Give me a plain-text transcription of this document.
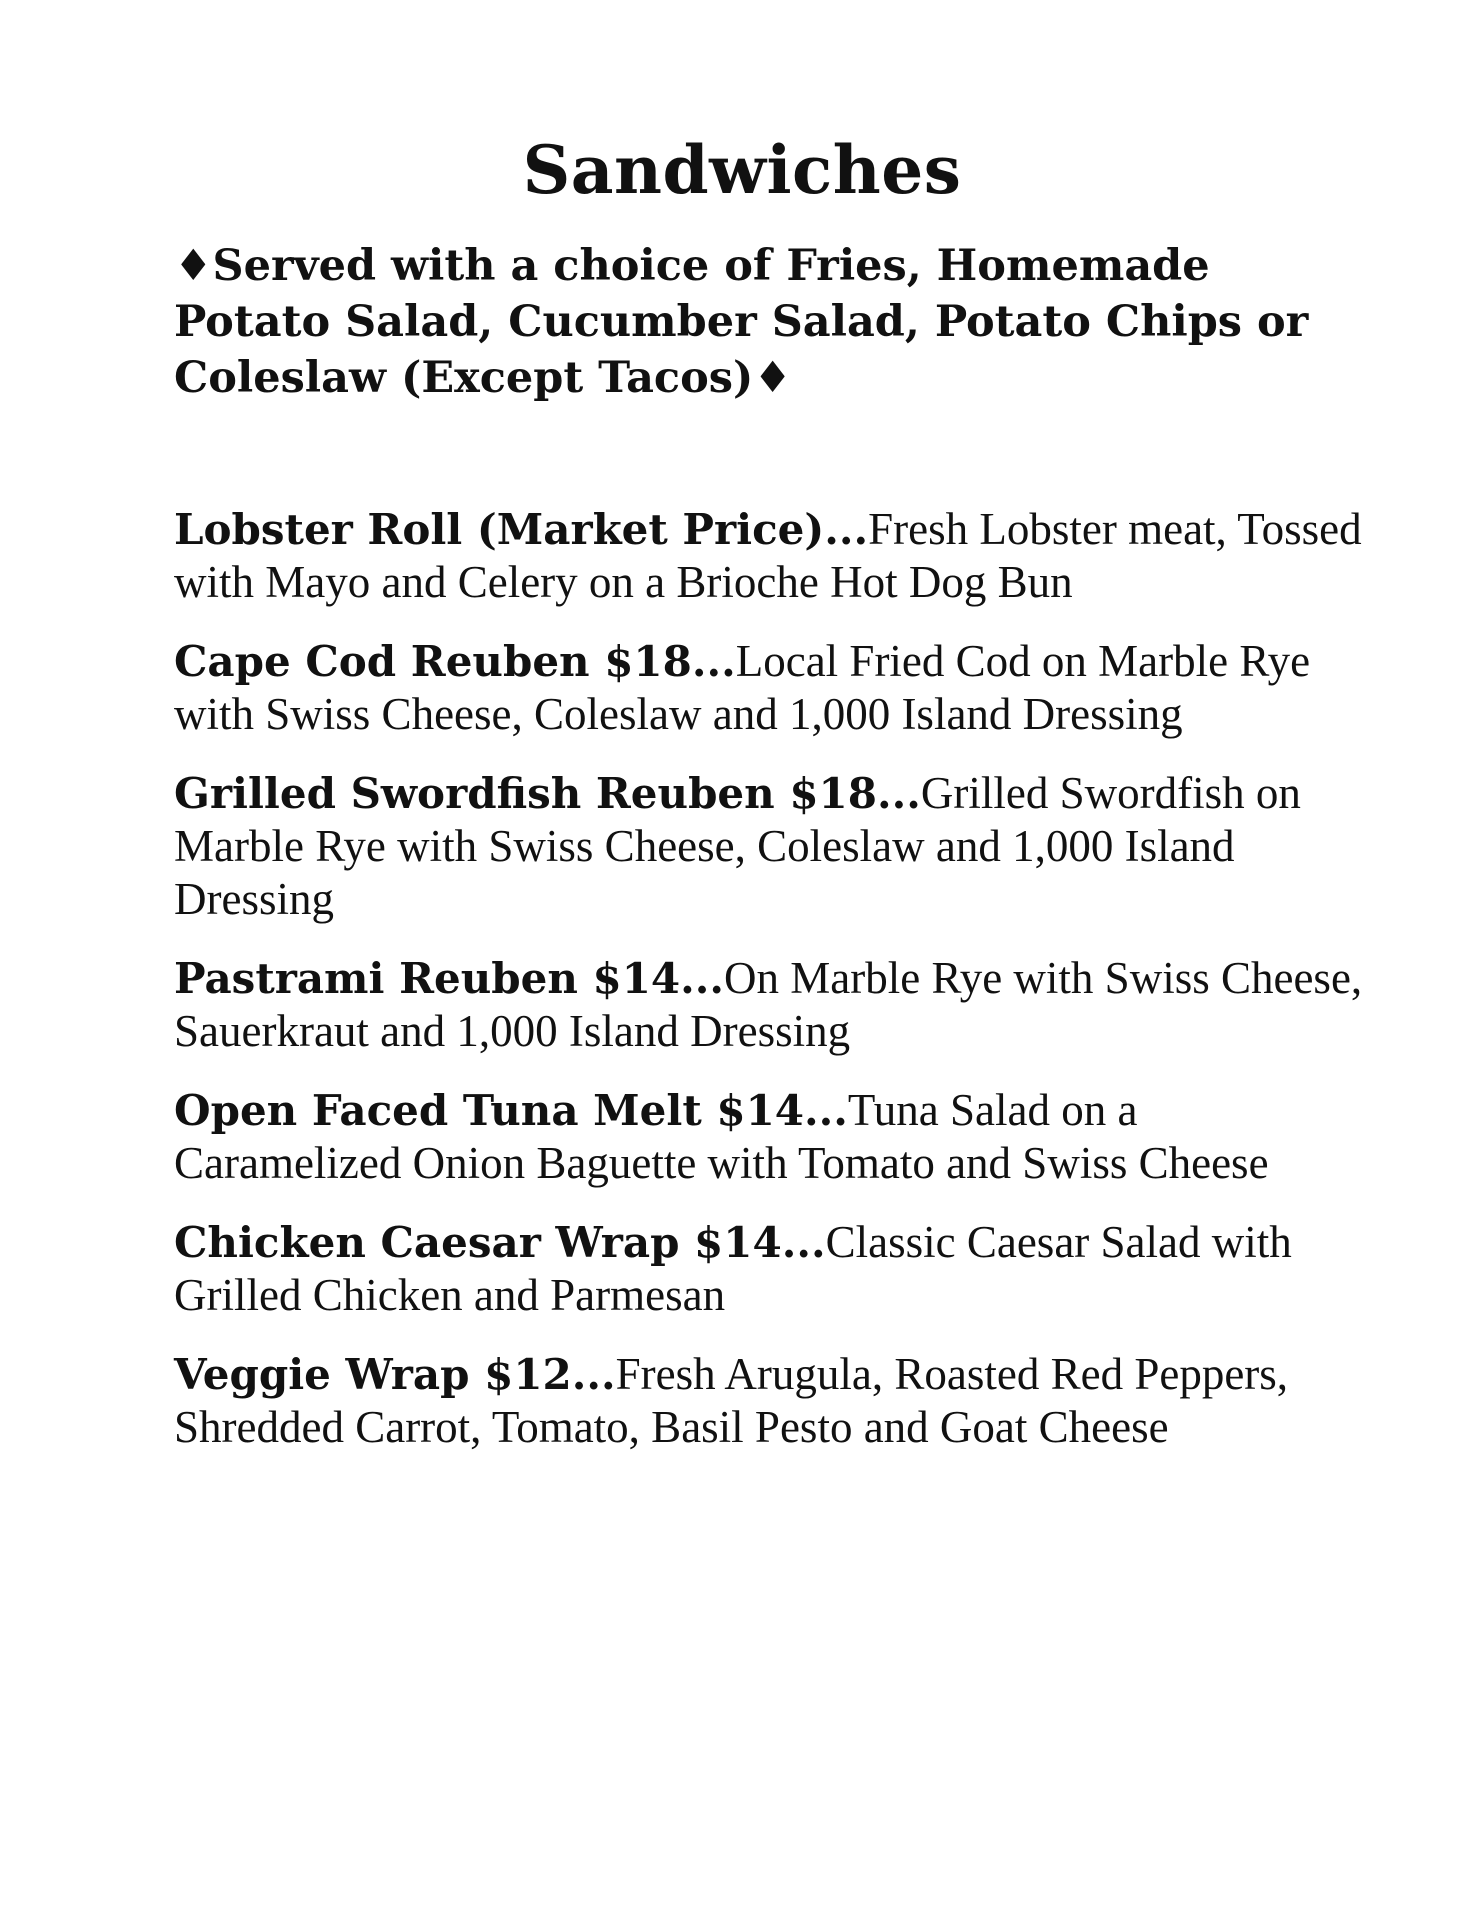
Sandwiches

♦Served with a choice of Fries, Homemade Potato Salad, Cucumber Salad, Potato Chips or Coleslaw (Except Tacos)♦

Lobster Roll (Market Price)...Fresh Lobster meat, Tossed with Mayo and Celery on a Brioche Hot Dog Bun
Cape Cod Reuben $18...Local Fried Cod on Marble Rye with Swiss Cheese, Coleslaw and 1,000 Island Dressing
Grilled Swordfish Reuben $18...Grilled Swordfish on Marble Rye with Swiss Cheese, Coleslaw and 1,000 Island Dressing
Pastrami Reuben $14...On Marble Rye with Swiss Cheese, Sauerkraut and 1,000 Island Dressing
Open Faced Tuna Melt $14...Tuna Salad on a Caramelized Onion Baguette with Tomato and Swiss Cheese
Chicken Caesar Wrap $14...Classic Caesar Salad with Grilled Chicken and Parmesan
Veggie Wrap $12...Fresh Arugula, Roasted Red Peppers, Shredded Carrot, Tomato, Basil Pesto and Goat Cheese
